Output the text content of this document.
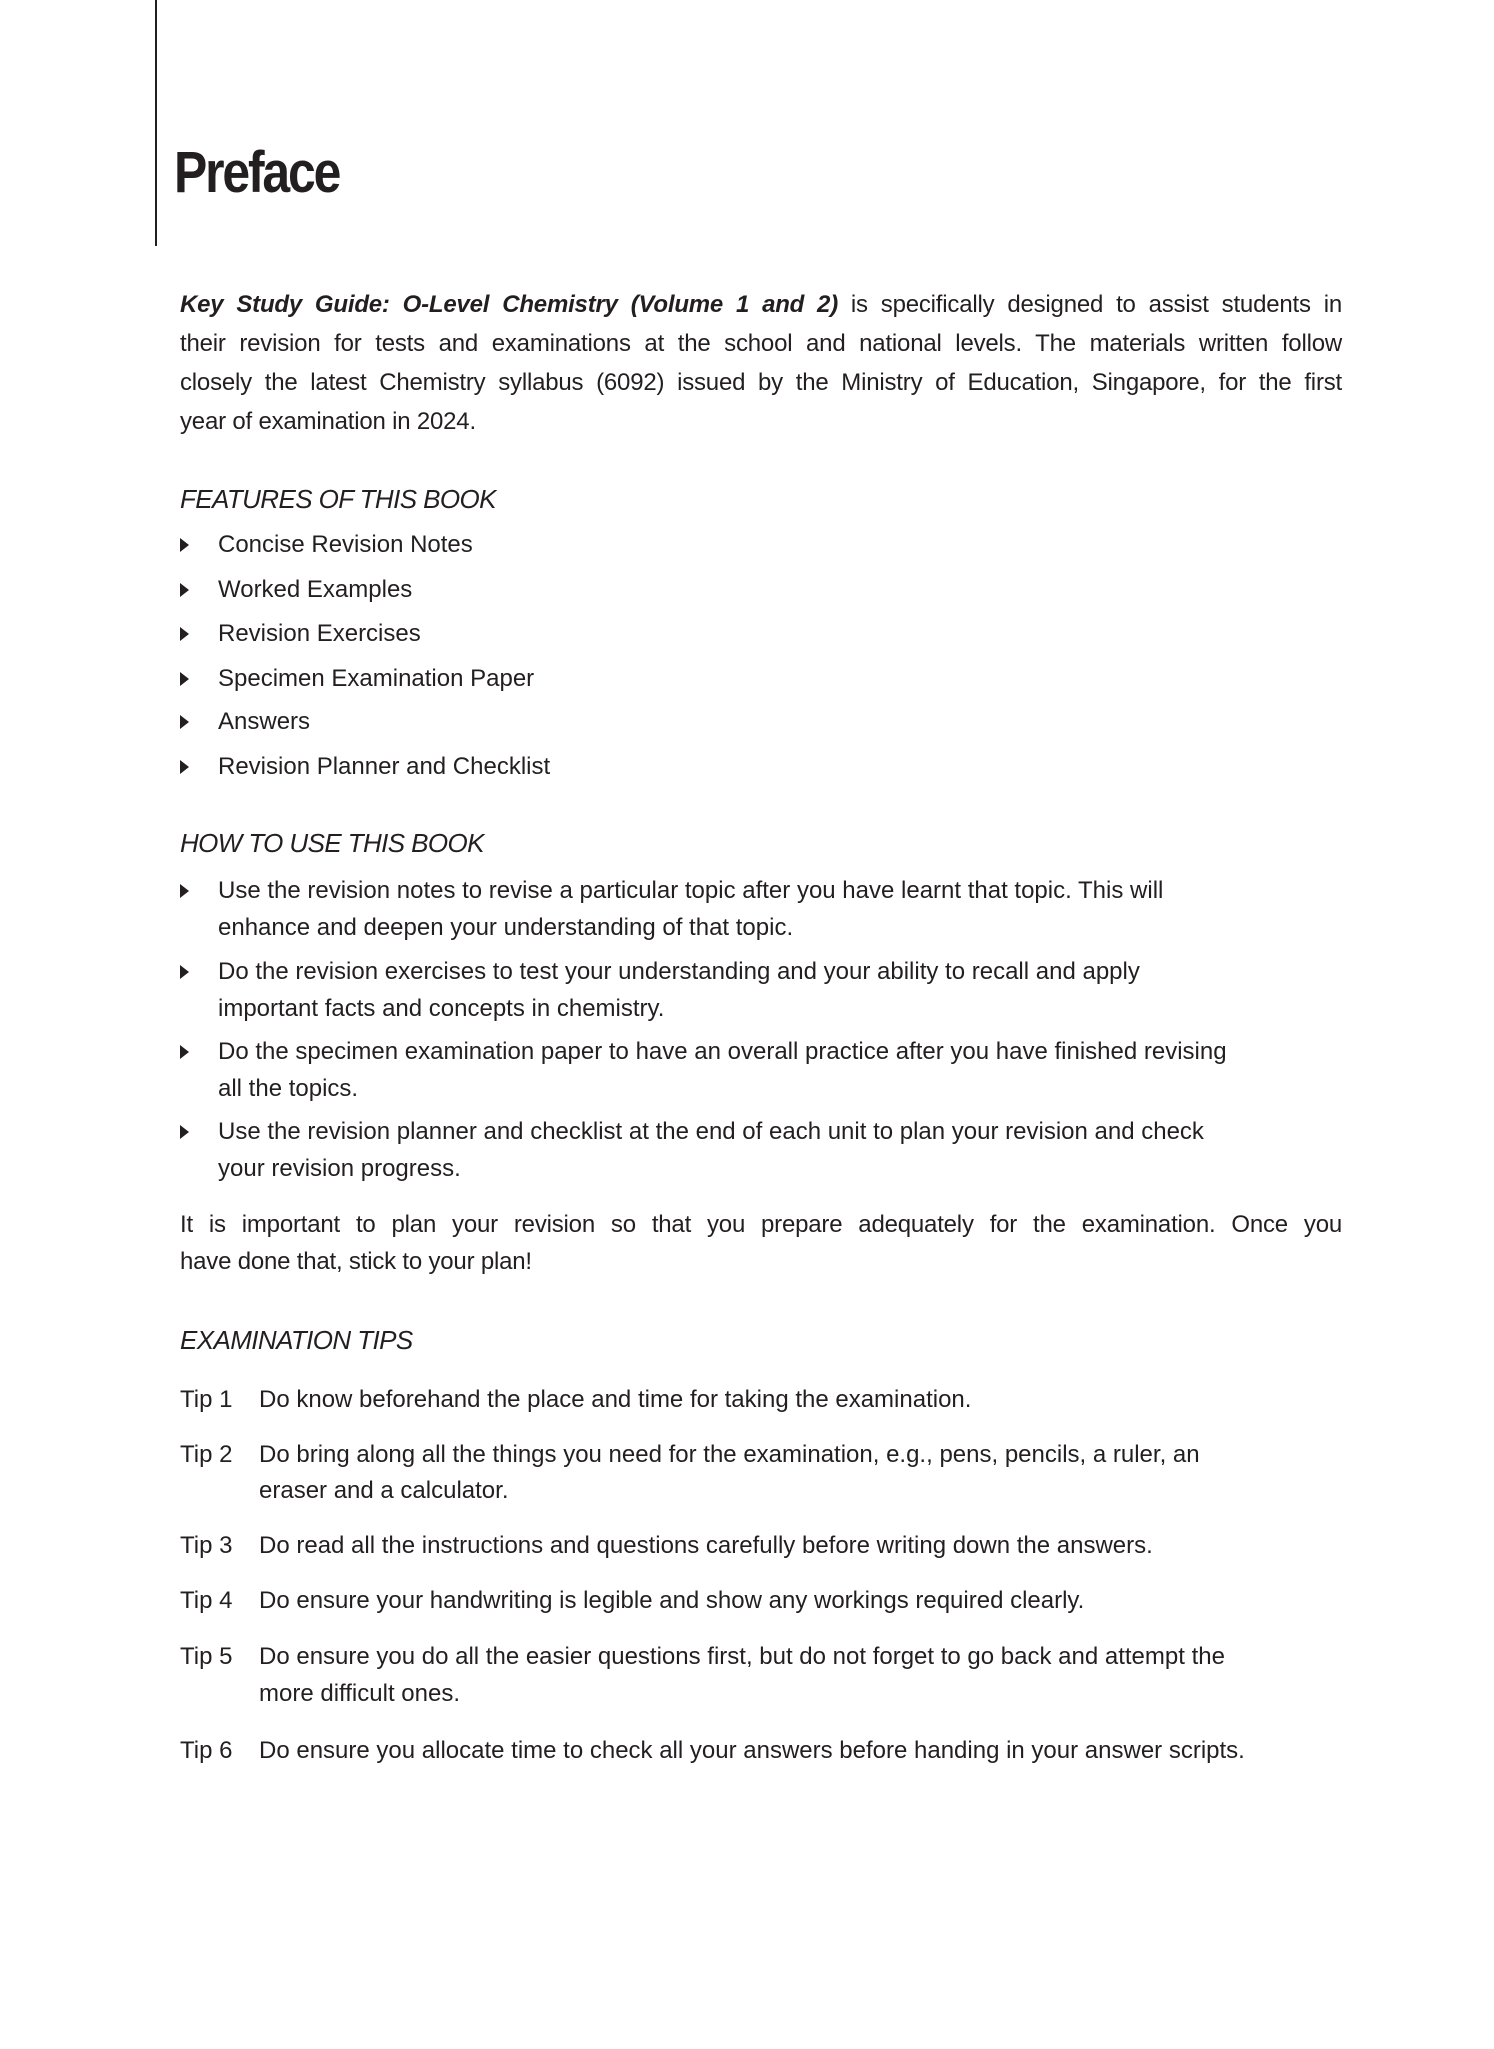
Preface
Key Study Guide: O-Level Chemistry (Volume 1 and 2) is specifically designed to assist students in
their revision for tests and examinations at the school and national levels. The materials written follow
closely the latest Chemistry syllabus (6092) issued by the Ministry of Education, Singapore, for the first
year of examination in 2024.
FEATURES OF THIS BOOK
Concise Revision Notes
Worked Examples
Revision Exercises
Specimen Examination Paper
Answers
Revision Planner and Checklist
HOW TO USE THIS BOOK
Use the revision notes to revise a particular topic after you have learnt that topic. This will
enhance and deepen your understanding of that topic.
Do the revision exercises to test your understanding and your ability to recall and apply
important facts and concepts in chemistry.
Do the specimen examination paper to have an overall practice after you have finished revising
all the topics.
Use the revision planner and checklist at the end of each unit to plan your revision and check
your revision progress.
It is important to plan your revision so that you prepare adequately for the examination. Once you
have done that, stick to your plan!
EXAMINATION TIPS
Tip 1 Do know beforehand the place and time for taking the examination.
Tip 2 Do bring along all the things you need for the examination, e.g., pens, pencils, a ruler, an
eraser and a calculator.
Tip 3 Do read all the instructions and questions carefully before writing down the answers.
Tip 4 Do ensure your handwriting is legible and show any workings required clearly.
Tip 5 Do ensure you do all the easier questions first, but do not forget to go back and attempt the
more difficult ones.
Tip 6 Do ensure you allocate time to check all your answers before handing in your answer scripts.
